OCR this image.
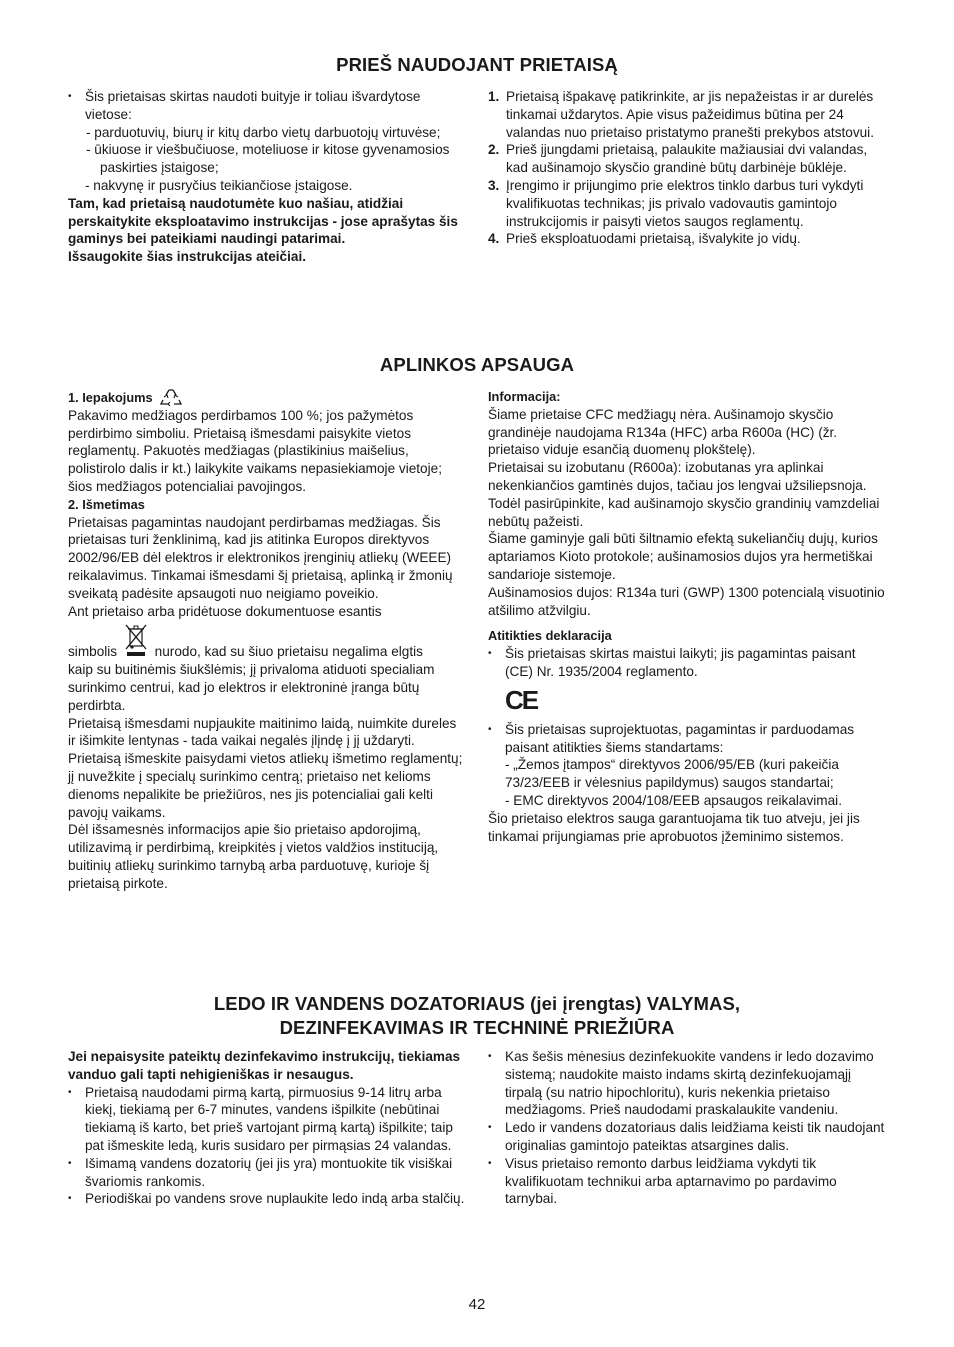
PRIEŠ NAUDOJANT PRIETAISĄ

• Šis prietaisas skirtas naudoti buityje ir toliau išvardytose vietose:

- parduotuvių, biurų ir kitų darbo vietų darbuotojų virtuvėse;

- ūkiuose ir viešbučiuose, moteliuose ir kitose gyvenamosios paskirties įstaigose;

- nakvynę ir pusryčius teikiančiose įstaigose.

Tam, kad prietaisą naudotumėte kuo našiau, atidžiai perskaitykite eksploatavimo instrukcijas - jose aprašytas šis gaminys bei pateikiami naudingi patarimai.

Išsaugokite šias instrukcijas ateičiai.

1. Prietaisą išpakavę patikrinkite, ar jis nepažeistas ir ar durelės tinkamai uždarytos. Apie visus pažeidimus būtina per 24 valandas nuo prietaiso pristatymo pranešti prekybos atstovui.

2. Prieš įjungdami prietaisą, palaukite mažiausiai dvi valandas, kad aušinamojo skysčio grandinė būtų darbinėje būklėje.

3. Įrengimo ir prijungimo prie elektros tinklo darbus turi vykdyti kvalifikuotas technikas; jis privalo vadovautis gamintojo instrukcijomis ir paisyti vietos saugos reglamentų.

4. Prieš eksploatuodami prietaisą, išvalykite jo vidų.

APLINKOS APSAUGA

1. Iepakojums

Pakavimo medžiagos perdirbamos 100 %; jos pažymėtos perdirbimo simboliu. Prietaisą išmesdami paisykite vietos reglamentų. Pakuotės medžiagas (plastikinius maišelius, polistirolo dalis ir kt.) laikykite vaikams nepasiekiamoje vietoje; šios medžiagos potencialiai pavojingos.

2. Išmetimas

Prietaisas pagamintas naudojant perdirbamas medžiagas. Šis prietaisas turi ženklinimą, kad jis atitinka Europos direktyvos 2002/96/EB dėl elektros ir elektronikos įrenginių atliekų (WEEE) reikalavimus. Tinkamai išmesdami šį prietaisą, aplinką ir žmonių sveikatą padėsite apsaugoti nuo neigiamo poveikio.

Ant prietaiso arba pridėtuose dokumentuose esantis

simbolis	nurodo, kad su šiuo prietaisu negalima elgtis

kaip su buitinėmis šiukšlėmis; jį privaloma atiduoti specialiam surinkimo centrui, kad jo elektros ir elektroninė įranga būtų perdirbta.

Prietaisą išmesdami nupjaukite maitinimo laidą, nuimkite dureles ir išimkite lentynas - tada vaikai negalės įlįndę į jį uždaryti.

Prietaisą išmeskite paisydami vietos atliekų išmetimo reglamentų; jį nuvežkite į specialų surinkimo centrą; prietaiso net kelioms dienoms nepalikite be priežiūros, nes jis potencialiai gali kelti pavojų vaikams.

Dėl išsamesnės informacijos apie šio prietaiso apdorojimą, utilizavimą ir perdirbimą, kreipkitės į vietos valdžios instituciją, buitinių atliekų surinkimo tarnybą arba parduotuvę, kurioje šį prietaisą pirkote.

Informacija:

Šiame prietaise CFC medžiagų nėra. Aušinamojo skysčio grandinėje naudojama R134a (HFC) arba R600a (HC) (žr. prietaiso viduje esančią duomenų plokštelę).

Prietaisai su izobutanu (R600a): izobutanas yra aplinkai nekenkiančios gamtinės dujos, tačiau jos lengvai užsiliepsnoja. Todėl pasirūpinkite, kad aušinamojo skysčio grandinių vamzdeliai nebūtų pažeisti.

Šiame gaminyje gali būti šiltnamio efektą sukeliančių dujų, kurios aptariamos Kioto protokole; aušinamosios dujos yra hermetiškai sandarioje sistemoje.

Aušinamosios dujos: R134a turi (GWP) 1300 potencialą visuotinio atšilimo atžvilgiu.

Atitikties deklaracija

• Šis prietaisas skirtas maistui laikyti; jis pagamintas paisant (CE) Nr. 1935/2004 reglamento.

CE

• Šis prietaisas suprojektuotas, pagamintas ir parduodamas paisant atitikties šiems standartams:

- „Žemos įtampos“ direktyvos 2006/95/EB (kuri pakeičia 73/23/EEB ir vėlesnius papildymus) saugos standartai;

- EMC direktyvos 2004/108/EEB apsaugos reikalavimai.

Šio prietaiso elektros sauga garantuojama tik tuo atveju, jei jis tinkamai prijungiamas prie aprobuotos įžeminimo sistemos.

LEDO IR VANDENS DOZATORIAUS (jei įrengtas) VALYMAS,
DEZINFEKAVIMAS IR TECHNINĖ PRIEŽIŪRA

Jei nepaisysite pateiktų dezinfekavimo instrukcijų, tiekiamas vanduo gali tapti nehigieniškas ir nesaugus.

• Prietaisą naudodami pirmą kartą, pirmuosius 9-14 litrų arba kiekį, tiekiamą per 6-7 minutes, vandens išpilkite (nebūtinai tiekiamą iš karto, bet prieš vartojant pirmą kartą) išpilkite; taip pat išmeskite ledą, kuris susidaro per pirmąsias 24 valandas.

• Išimamą vandens dozatorių (jei jis yra) montuokite tik visiškai švariomis rankomis.

• Periodiškai po vandens srove nuplaukite ledo indą arba stalčių.

• Kas šešis mėnesius dezinfekuokite vandens ir ledo dozavimo sistemą; naudokite maisto indams skirtą dezinfekuojamąjį tirpalą (su natrio hipochloritu), kuris nekenkia prietaiso medžiagoms. Prieš naudodami praskalaukite vandeniu.

• Ledo ir vandens dozatoriaus dalis leidžiama keisti tik naudojant originalias gamintojo pateiktas atsargines dalis.

• Visus prietaiso remonto darbus leidžiama vykdyti tik kvalifikuotam technikui arba aptarnavimo po pardavimo tarnybai.

42
